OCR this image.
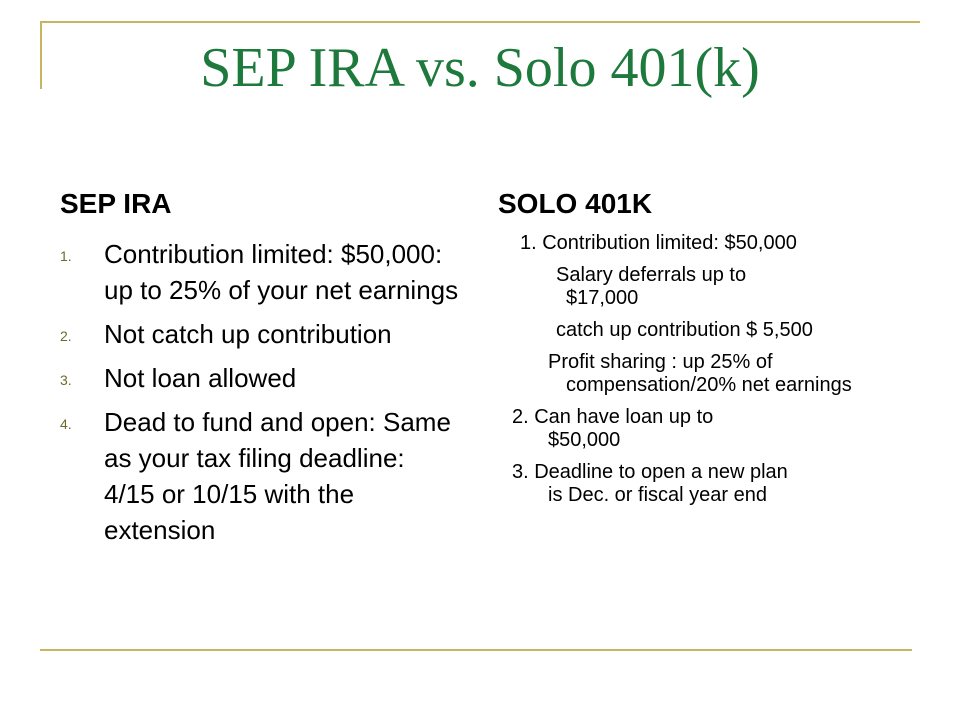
SEP IRA vs. Solo 401(k)
SEP IRA	SOLO 401K
1. Contribution limited: $50,000: up to 25% of your net earnings
2. Not catch up contribution
3. Not loan allowed
4. Dead to fund and open: Same as your tax filing deadline: 4/15 or 10/15 with the extension
1. Contribution limited: $50,000
Salary deferrals up to
$17,000
catch up contribution $ 5,500
Profit sharing : up 25% of
compensation/20% net earnings
2. Can have loan up to
$50,000
3. Deadline to open a new plan
is Dec. or fiscal year end
